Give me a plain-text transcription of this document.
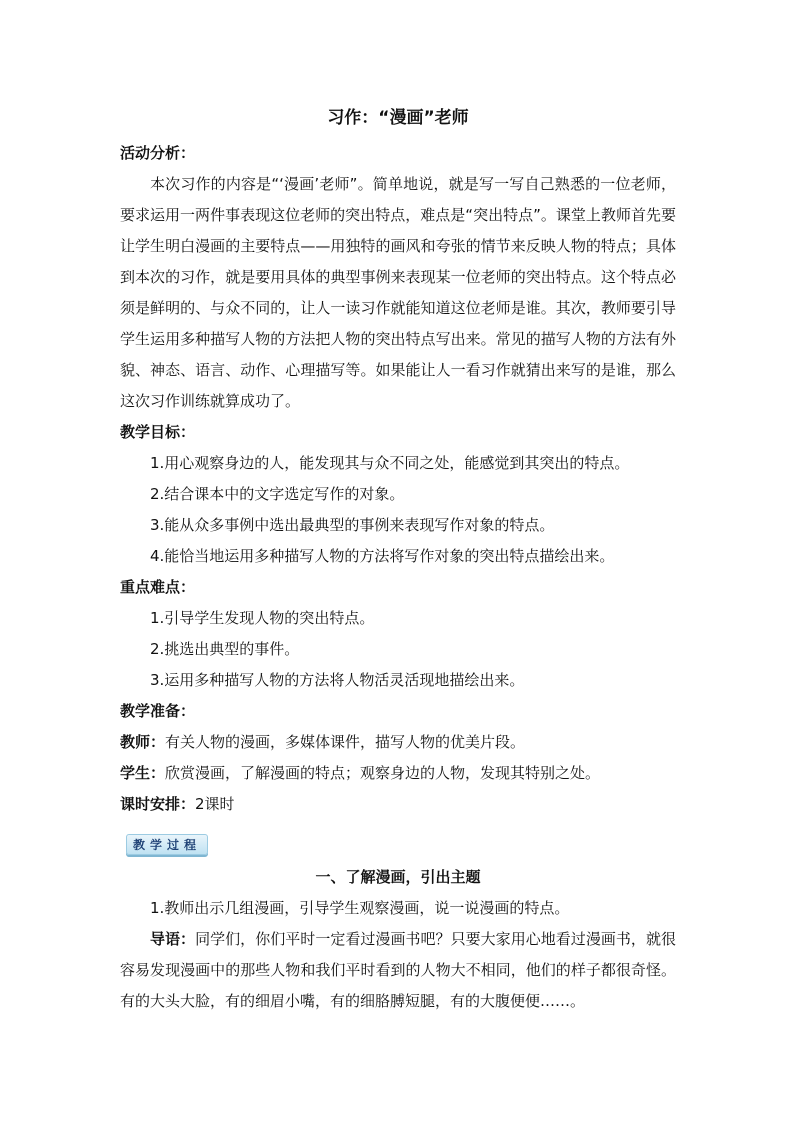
习作：“漫画”老师

活动分析：

本次习作的内容是“‘漫画’老师”。简单地说，就是写一写自己熟悉的一位老师，要求运用一两件事表现这位老师的突出特点，难点是“突出特点”。课堂上教师首先要让学生明白漫画的主要特点——用独特的画风和夸张的情节来反映人物的特点；具体到本次的习作，就是要用具体的典型事例来表现某一位老师的突出特点。这个特点必须是鲜明的、与众不同的，让人一读习作就能知道这位老师是谁。其次，教师要引导学生运用多种描写人物的方法把人物的突出特点写出来。常见的描写人物的方法有外貌、神态、语言、动作、心理描写等。如果能让人一看习作就猜出来写的是谁，那么这次习作训练就算成功了。

教学目标：

1.用心观察身边的人，能发现其与众不同之处，能感觉到其突出的特点。

2.结合课本中的文字选定写作的对象。

3.能从众多事例中选出最典型的事例来表现写作对象的特点。

4.能恰当地运用多种描写人物的方法将写作对象的突出特点描绘出来。

重点难点：

1.引导学生发现人物的突出特点。

2.挑选出典型的事件。

3.运用多种描写人物的方法将人物活灵活现地描绘出来。

教学准备：

教师：有关人物的漫画，多媒体课件，描写人物的优美片段。

学生：欣赏漫画，了解漫画的特点；观察身边的人物，发现其特别之处。

课时安排：2课时

教学过程

一、了解漫画，引出主题

1.教师出示几组漫画，引导学生观察漫画，说一说漫画的特点。

导语：同学们，你们平时一定看过漫画书吧？只要大家用心地看过漫画书，就很容易发现漫画中的那些人物和我们平时看到的人物大不相同，他们的样子都很奇怪。有的大头大脸，有的细眉小嘴，有的细胳膊短腿，有的大腹便便……。
